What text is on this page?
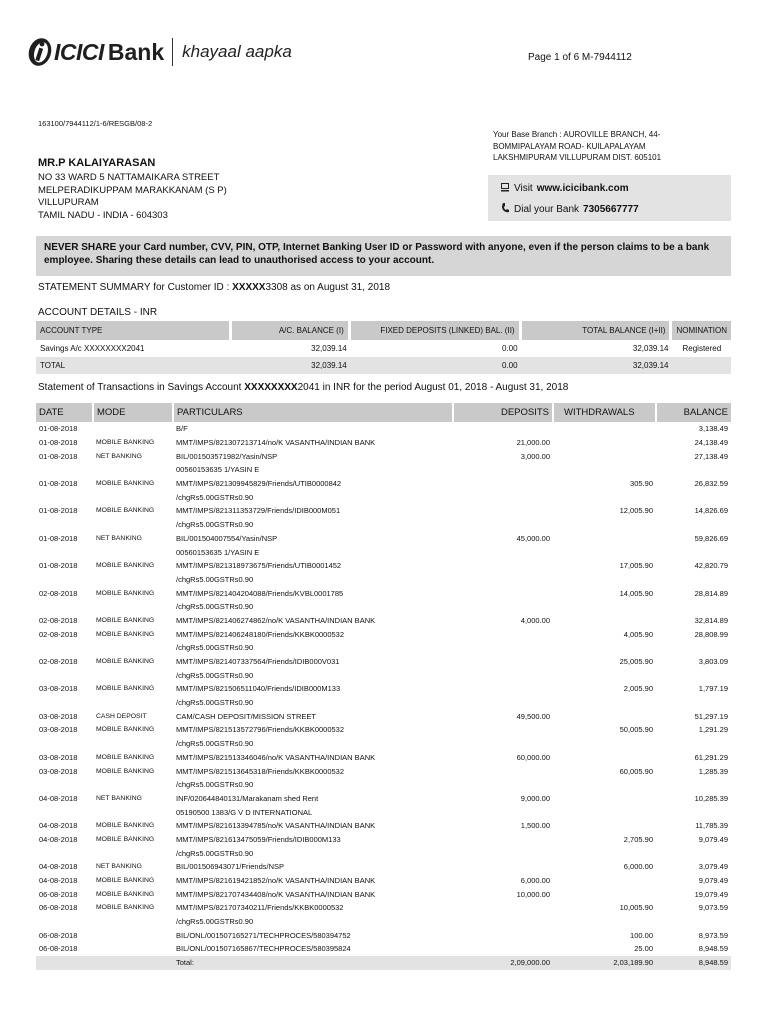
ICICI Bank khayaal aapka	Page 1 of 6 M-7944112
163100/7944112/1-6/RESGB/08-2
Your Base Branch : AUROVILLE BRANCH, 44-BOMMIPALAYAM ROAD- KUILAPALAYAM LAKSHMIPURAM VILLUPURAM DIST. 605101
MR.P KALAIYARASAN
NO 33 WARD 5 NATTAMAIKARA STREET
MELPERADIKUPPAM MARAKKANAM (S P)
VILLUPURAM
TAMIL NADU - INDIA - 604303
Visit www.icicibank.com
Dial your Bank 7305667777
NEVER SHARE your Card number, CVV, PIN, OTP, Internet Banking User ID or Password with anyone, even if the person claims to be a bank employee. Sharing these details can lead to unauthorised access to your account.
STATEMENT SUMMARY for Customer ID : XXXXX3308 as on August 31, 2018
ACCOUNT DETAILS - INR
ACCOUNT TYPE	A/C. BALANCE (I)	FIXED DEPOSITS (LINKED) BAL. (II)	TOTAL BALANCE (I+II)	NOMINATION
Savings A/c XXXXXXXX2041	32,039.14	0.00	32,039.14	Registered
TOTAL	32,039.14	0.00	32,039.14	
Statement of Transactions in Savings Account XXXXXXXX2041 in INR for the period August 01, 2018 - August 31, 2018
DATE	MODE	PARTICULARS	DEPOSITS	WITHDRAWALS	BALANCE
01-08-2018		B/F			3,138.49
01-08-2018	MOBILE BANKING	MMT/IMPS/821307213714/no/K VASANTHA/INDIAN BANK	21,000.00		24,138.49
01-08-2018	NET BANKING	BIL/001503571982/Yasin/NSP	3,000.00		27,138.49
		00560153635 1/YASIN E			
01-08-2018	MOBILE BANKING	MMT/IMPS/821309945829/Friends/UTIB0000842		305.90	26,832.59
		/chgRs5.00GSTRs0.90			
01-08-2018	MOBILE BANKING	MMT/IMPS/821311353729/Friends/IDIB000M051		12,005.90	14,826.69
		/chgRs5.00GSTRs0.90			
01-08-2018	NET BANKING	BIL/001504007554/Yasin/NSP	45,000.00		59,826.69
		00560153635 1/YASIN E			
01-08-2018	MOBILE BANKING	MMT/IMPS/821318973675/Friends/UTIB0001452		17,005.90	42,820.79
		/chgRs5.00GSTRs0.90			
02-08-2018	MOBILE BANKING	MMT/IMPS/821404204088/Friends/KVBL0001785		14,005.90	28,814.89
		/chgRs5.00GSTRs0.90			
02-08-2018	MOBILE BANKING	MMT/IMPS/821406274862/no/K VASANTHA/INDIAN BANK	4,000.00		32,814.89
02-08-2018	MOBILE BANKING	MMT/IMPS/821406248180/Friends/KKBK0000532		4,005.90	28,808.99
		/chgRs5.00GSTRs0.90			
02-08-2018	MOBILE BANKING	MMT/IMPS/821407337564/Friends/IDIB000V031		25,005.90	3,803.09
		/chgRs5.00GSTRs0.90			
03-08-2018	MOBILE BANKING	MMT/IMPS/821506511040/Friends/IDIB000M133		2,005.90	1,797.19
		/chgRs5.00GSTRs0.90			
03-08-2018	CASH DEPOSIT	CAM/CASH DEPOSIT/MISSION STREET	49,500.00		51,297.19
03-08-2018	MOBILE BANKING	MMT/IMPS/821513572796/Friends/KKBK0000532		50,005.90	1,291.29
		/chgRs5.00GSTRs0.90			
03-08-2018	MOBILE BANKING	MMT/IMPS/821513346046/no/K VASANTHA/INDIAN BANK	60,000.00		61,291.29
03-08-2018	MOBILE BANKING	MMT/IMPS/821513645318/Friends/KKBK0000532		60,005.90	1,285.39
		/chgRs5.00GSTRs0.90			
04-08-2018	NET BANKING	INF/020644840131/Marakanam shed Rent	9,000.00		10,285.39
		05190500 1383/G V D INTERNATIONAL			
04-08-2018	MOBILE BANKING	MMT/IMPS/821613394785/no/K VASANTHA/INDIAN BANK	1,500.00		11,785.39
04-08-2018	MOBILE BANKING	MMT/IMPS/821613475059/Friends/IDIB000M133		2,705.90	9,079.49
		/chgRs5.00GSTRs0.90			
04-08-2018	NET BANKING	BIL/001506943071/Friends/NSP		6,000.00	3,079.49
04-08-2018	MOBILE BANKING	MMT/IMPS/821619421852/no/K VASANTHA/INDIAN BANK	6,000.00		9,079.49
06-08-2018	MOBILE BANKING	MMT/IMPS/821707434408/no/K VASANTHA/INDIAN BANK	10,000.00		19,079.49
06-08-2018	MOBILE BANKING	MMT/IMPS/821707340211/Friends/KKBK0000532		10,005.90	9,073.59
		/chgRs5.00GSTRs0.90			
06-08-2018		BIL/ONL/001507165271/TECHPROCES/580394752		100.00	8,973.59
06-08-2018		BIL/ONL/001507165867/TECHPROCES/580395824		25.00	8,948.59
		Total:	2,09,000.00	2,03,189.90	8,948.59
